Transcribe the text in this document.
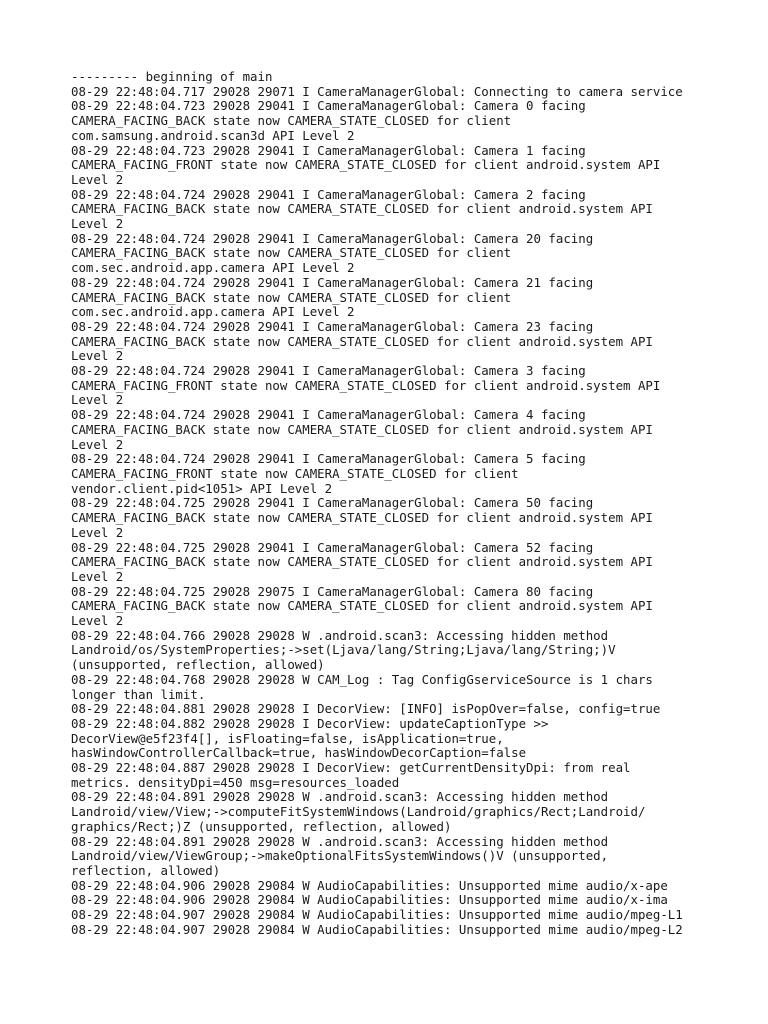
--------- beginning of main
08-29 22:48:04.717 29028 29071 I CameraManagerGlobal: Connecting to camera service
08-29 22:48:04.723 29028 29041 I CameraManagerGlobal: Camera 0 facing
CAMERA_FACING_BACK state now CAMERA_STATE_CLOSED for client
com.samsung.android.scan3d API Level 2
08-29 22:48:04.723 29028 29041 I CameraManagerGlobal: Camera 1 facing
CAMERA_FACING_FRONT state now CAMERA_STATE_CLOSED for client android.system API
Level 2
08-29 22:48:04.724 29028 29041 I CameraManagerGlobal: Camera 2 facing
CAMERA_FACING_BACK state now CAMERA_STATE_CLOSED for client android.system API
Level 2
08-29 22:48:04.724 29028 29041 I CameraManagerGlobal: Camera 20 facing
CAMERA_FACING_BACK state now CAMERA_STATE_CLOSED for client
com.sec.android.app.camera API Level 2
08-29 22:48:04.724 29028 29041 I CameraManagerGlobal: Camera 21 facing
CAMERA_FACING_BACK state now CAMERA_STATE_CLOSED for client
com.sec.android.app.camera API Level 2
08-29 22:48:04.724 29028 29041 I CameraManagerGlobal: Camera 23 facing
CAMERA_FACING_BACK state now CAMERA_STATE_CLOSED for client android.system API
Level 2
08-29 22:48:04.724 29028 29041 I CameraManagerGlobal: Camera 3 facing
CAMERA_FACING_FRONT state now CAMERA_STATE_CLOSED for client android.system API
Level 2
08-29 22:48:04.724 29028 29041 I CameraManagerGlobal: Camera 4 facing
CAMERA_FACING_BACK state now CAMERA_STATE_CLOSED for client android.system API
Level 2
08-29 22:48:04.724 29028 29041 I CameraManagerGlobal: Camera 5 facing
CAMERA_FACING_FRONT state now CAMERA_STATE_CLOSED for client
vendor.client.pid<1051> API Level 2
08-29 22:48:04.725 29028 29041 I CameraManagerGlobal: Camera 50 facing
CAMERA_FACING_BACK state now CAMERA_STATE_CLOSED for client android.system API
Level 2
08-29 22:48:04.725 29028 29041 I CameraManagerGlobal: Camera 52 facing
CAMERA_FACING_BACK state now CAMERA_STATE_CLOSED for client android.system API
Level 2
08-29 22:48:04.725 29028 29075 I CameraManagerGlobal: Camera 80 facing
CAMERA_FACING_BACK state now CAMERA_STATE_CLOSED for client android.system API
Level 2
08-29 22:48:04.766 29028 29028 W .android.scan3: Accessing hidden method
Landroid/os/SystemProperties;->set(Ljava/lang/String;Ljava/lang/String;)V
(unsupported, reflection, allowed)
08-29 22:48:04.768 29028 29028 W CAM_Log : Tag ConfigGserviceSource is 1 chars
longer than limit.
08-29 22:48:04.881 29028 29028 I DecorView: [INFO] isPopOver=false, config=true
08-29 22:48:04.882 29028 29028 I DecorView: updateCaptionType >>
DecorView@e5f23f4[], isFloating=false, isApplication=true,
hasWindowControllerCallback=true, hasWindowDecorCaption=false
08-29 22:48:04.887 29028 29028 I DecorView: getCurrentDensityDpi: from real
metrics. densityDpi=450 msg=resources_loaded
08-29 22:48:04.891 29028 29028 W .android.scan3: Accessing hidden method
Landroid/view/View;->computeFitSystemWindows(Landroid/graphics/Rect;Landroid/
graphics/Rect;)Z (unsupported, reflection, allowed)
08-29 22:48:04.891 29028 29028 W .android.scan3: Accessing hidden method
Landroid/view/ViewGroup;->makeOptionalFitsSystemWindows()V (unsupported,
reflection, allowed)
08-29 22:48:04.906 29028 29084 W AudioCapabilities: Unsupported mime audio/x-ape
08-29 22:48:04.906 29028 29084 W AudioCapabilities: Unsupported mime audio/x-ima
08-29 22:48:04.907 29028 29084 W AudioCapabilities: Unsupported mime audio/mpeg-L1
08-29 22:48:04.907 29028 29084 W AudioCapabilities: Unsupported mime audio/mpeg-L2
